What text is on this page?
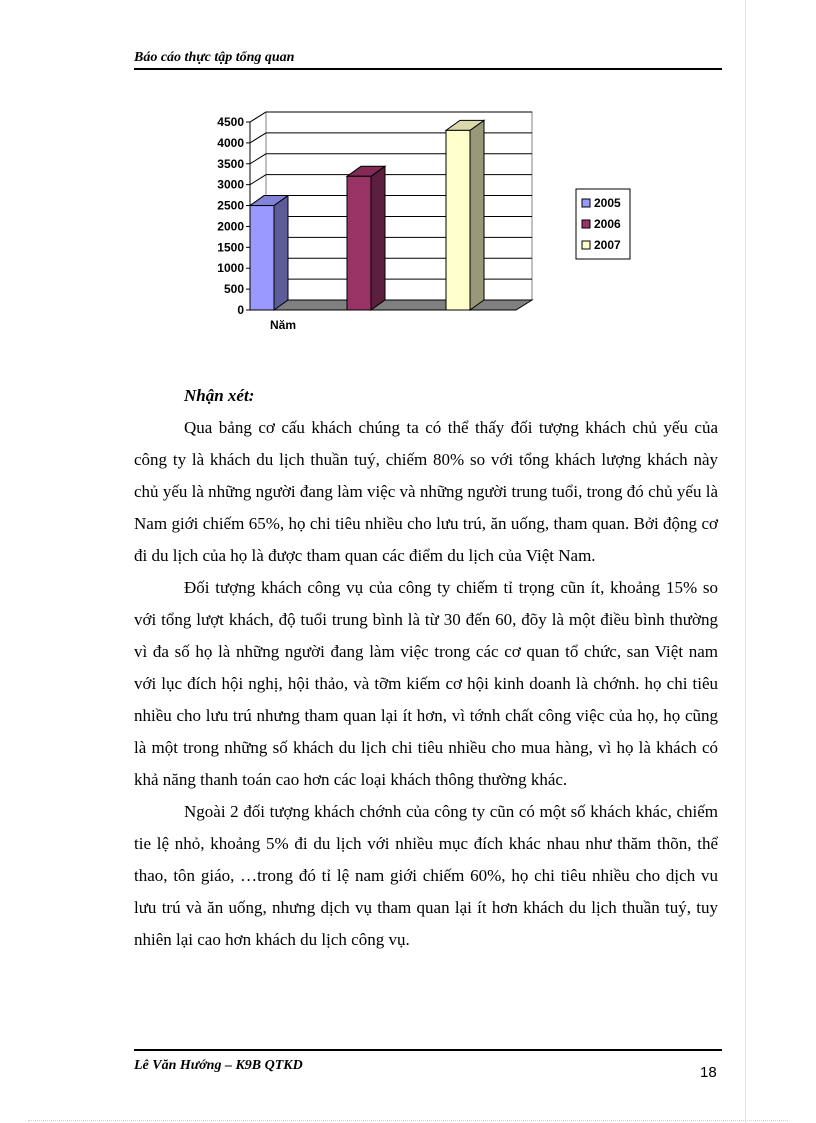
Báo cáo thực tập tổng quan
0
500
1000
1500
2000
2500
3000
3500
4000
4500
Năm
2005
2006
2007

Nhận xét:

Qua bảng cơ cấu khách chúng ta có thể thấy đối tượng khách chủ yếu của công ty là khách du lịch thuần tuý, chiếm 80% so với tổng khách lượng khách này chủ yếu là những người đang làm việc và những người trung tuổi, trong đó chủ yếu là Nam giới chiếm 65%, họ chi tiêu nhiều cho lưu trú, ăn uống, tham quan. Bởi động cơ đi du lịch của họ là được tham quan các điểm du lịch của Việt Nam.

Đối tượng khách công vụ của công ty chiếm tỉ trọng cũn ít, khoảng 15% so với tổng lượt khách, độ tuổi trung bình là từ 30 đến 60, đõy là một điều bình thường vì đa số họ là những người đang làm việc trong các cơ quan tổ chức, san Việt nam với lục đích hội nghị, hội thảo, và tỡm kiếm cơ hội kinh doanh là chớnh. họ chi tiêu nhiều cho lưu trú nhưng tham quan lại ít hơn, vì tớnh chất công việc của họ, họ cũng là một trong những số khách du lịch chi tiêu nhiều cho mua hàng, vì họ là khách có khả năng thanh toán cao hơn các loại khách thông thường khác.

Ngoài 2 đối tượng khách chớnh của công ty cũn có một số khách khác, chiếm tie lệ nhỏ, khoảng 5% đi du lịch với nhiều mục đích khác nhau như thăm thõn, thể thao, tôn giáo, …trong đó tỉ lệ nam giới chiếm 60%, họ chi tiêu nhiều cho dịch vu lưu trú và ăn uống, nhưng dịch vụ tham quan lại ít hơn khách du lịch thuần tuý, tuy nhiên lại cao hơn khách du lịch công vụ.

Lê Văn Hướng – K9B QTKD	18
